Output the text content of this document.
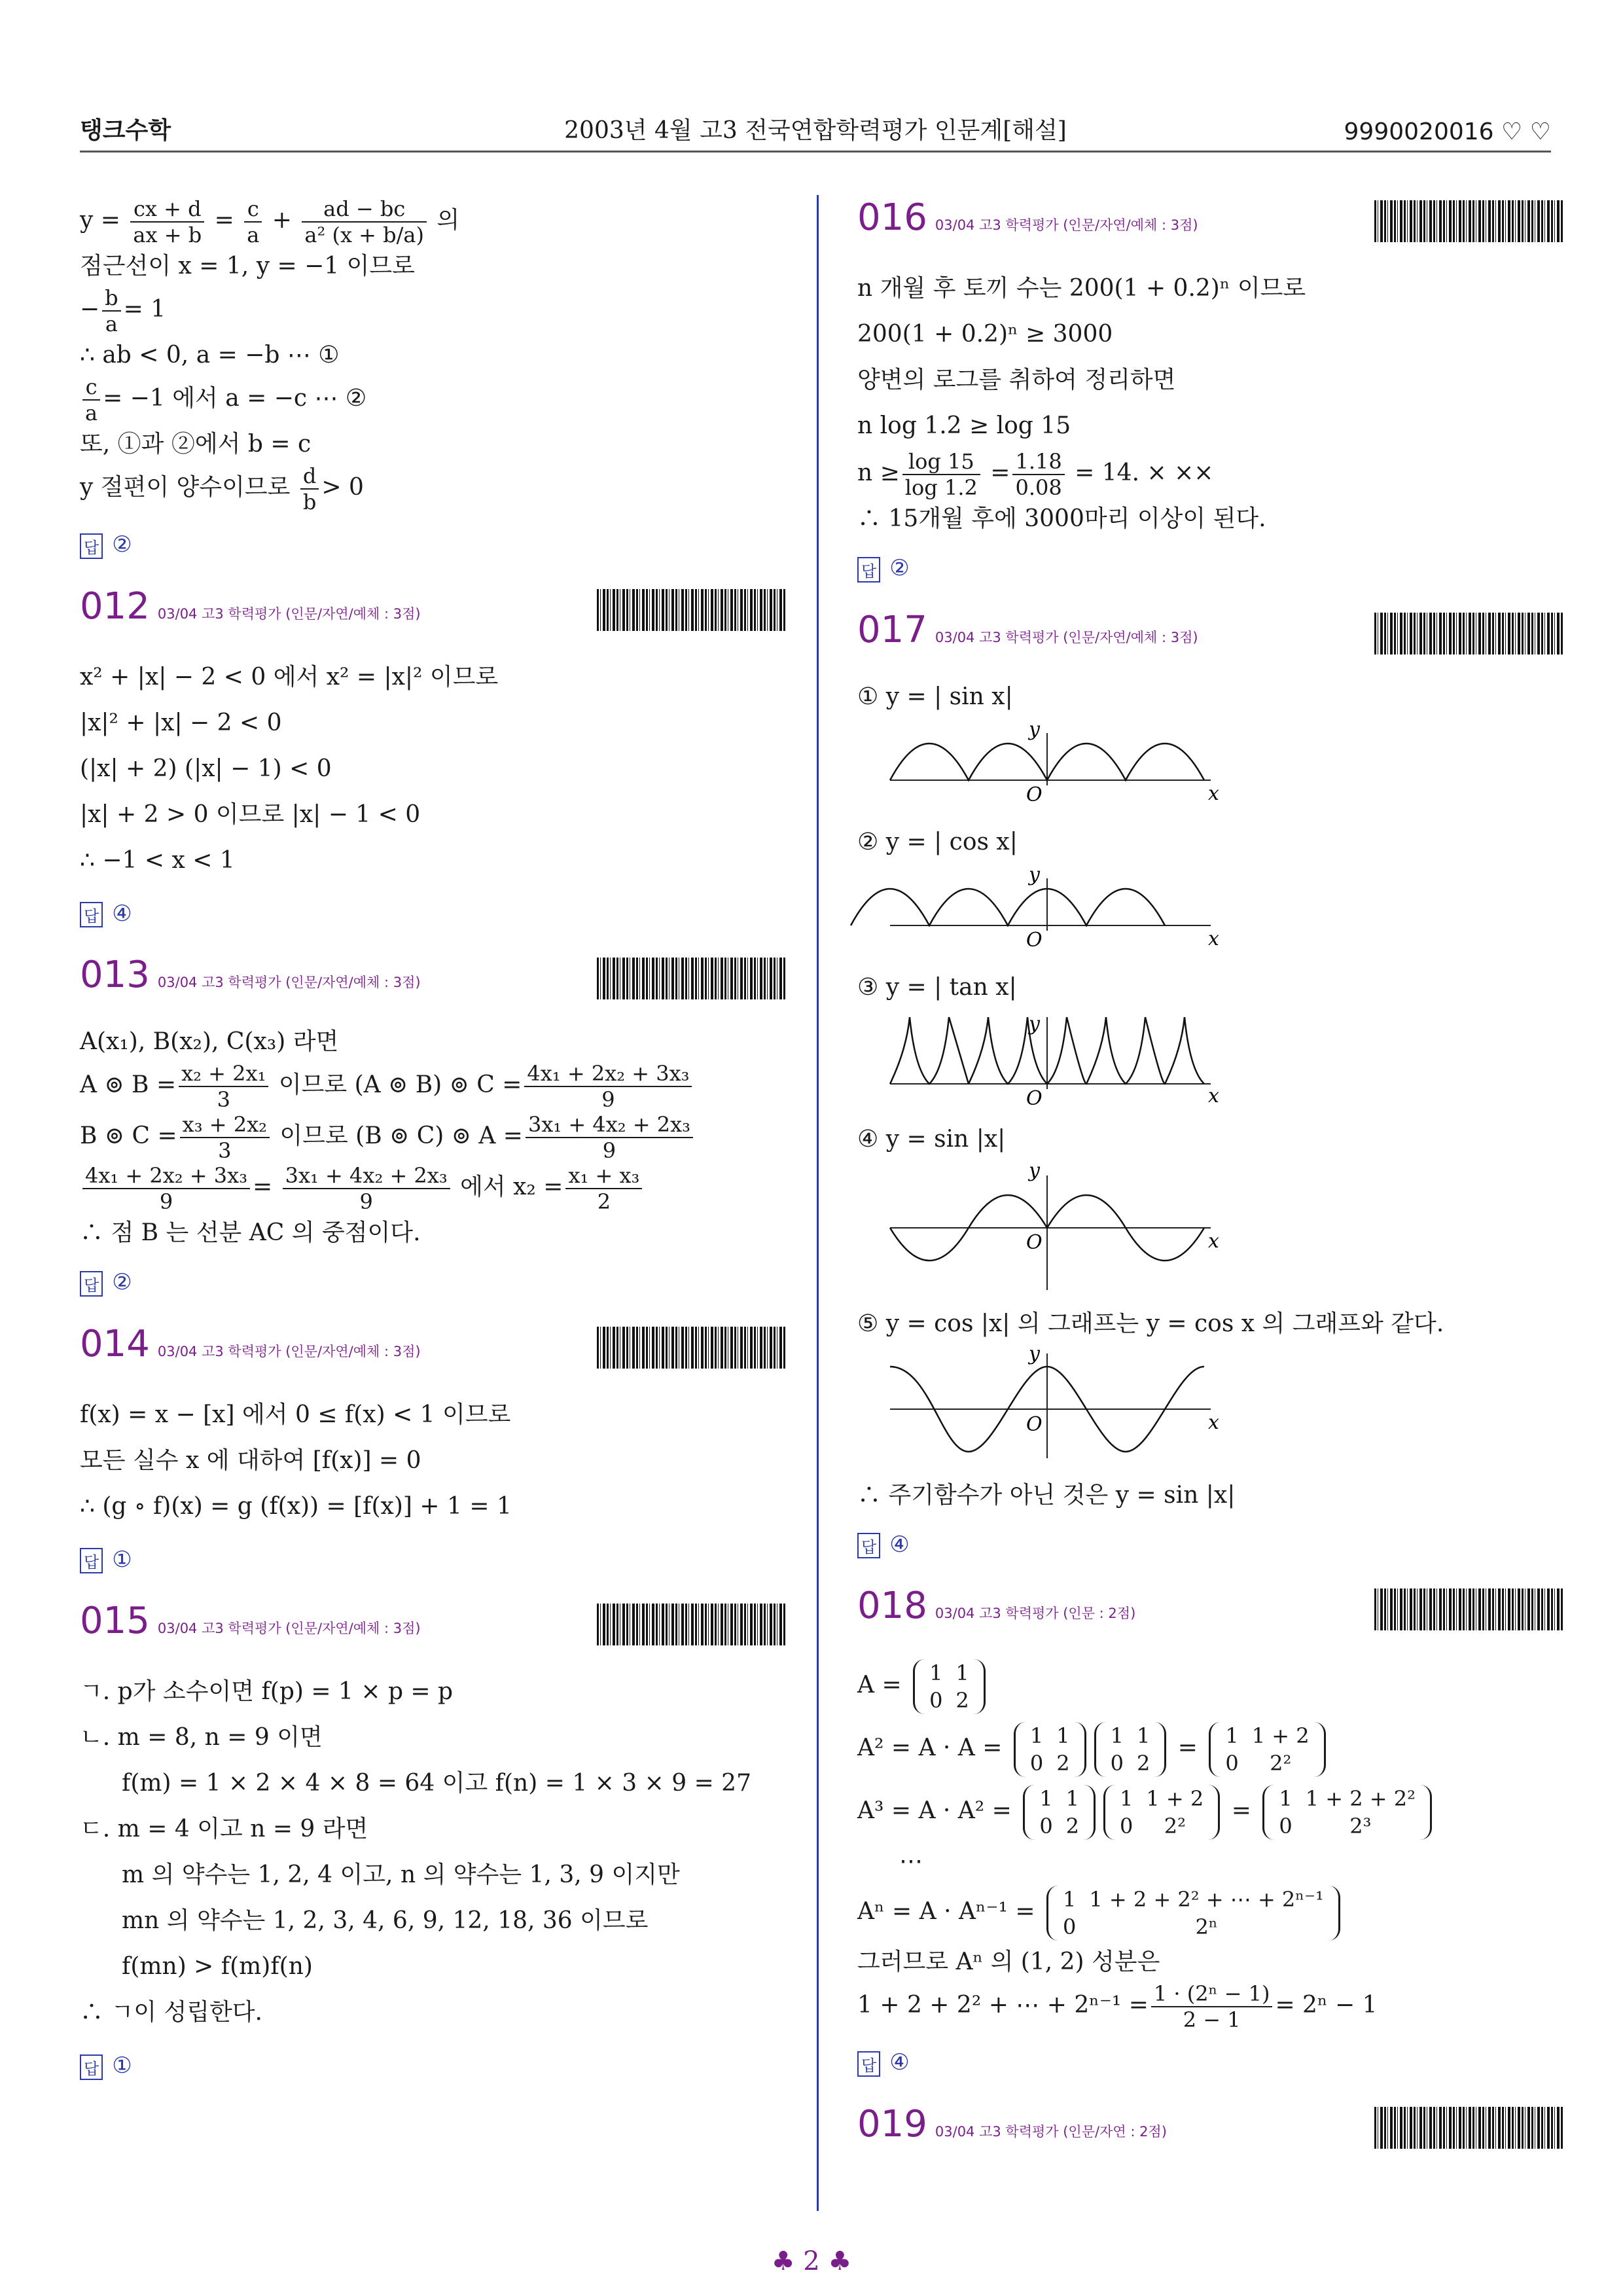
탱크수학	2003년 4월 고3 전국연합학력평가 인문계[해설]	9990020016 ♡ ♡
$y = \frac{cx + d}{ax + b} = \frac{c}{a} + \frac{ad - bc}{\text{a² (x + b/a)}}$ 의
점근선이 x = 1, y = −1 이므로
− $\frac{b}{a} = 1$
∴ ab < 0, a = −b ⋯ ①
$\frac{c}{a} = -1$ 에서 a = −c ⋯ ②
또, ①과 ②에서 b = c
y 절편이 양수이므로 $\frac{d}{b} > 0$
답 ②
012 03/04 고3 학력평가 (인문/자연/예체 : 3점)
x² + |x| − 2 < 0 에서 x² = |x|² 이므로
|x|² + |x| − 2 < 0
(|x| + 2) (|x| − 1) < 0
|x| + 2 > 0 이므로 |x| − 1 < 0
∴ −1 < x < 1
답 ④
013 03/04 고3 학력평가 (인문/자연/예체 : 3점)
A(x₁), B(x₂), C(x₃) 라면
A ⊚ $B = \frac{\text{x₂ + 2x₁}}{3}$ 이므로 (A ⊚ B) ⊚ $C = \frac{\text{4x₁ + 2x₂ + 3x₃}}{9}$
B ⊚ $C = \frac{\text{x₃ + 2x₂}}{3}$ 이므로 (B ⊚ C) ⊚ $A = \frac{\text{3x₁ + 4x₂ + 2x₃}}{9}$
$\frac{\text{4x₁ + 2x₂ + 3x₃}}{9} = \frac{\text{3x₁ + 4x₂ + 2x₃}}{9}$ 에서 $x_2 = \frac{\text{x₁ + x₃}}{2}$
∴ 점 B 는 선분 AC 의 중점이다.
답 ②
014 03/04 고3 학력평가 (인문/자연/예체 : 3점)
f(x) = x − [x] 에서 0 ≤ f(x) < 1 이므로
모든 실수 x 에 대하여 [f(x)] = 0
∴ (g ∘ f)(x) = g (f(x)) = [f(x)] + 1 = 1
답 ①
015 03/04 고3 학력평가 (인문/자연/예체 : 3점)
ㄱ. p가 소수이면 f(p) = 1 × p = p
ㄴ. m = 8, n = 9 이면
f(m) = 1 × 2 × 4 × 8 = 64 이고 f(n) = 1 × 3 × 9 = 27
ㄷ. m = 4 이고 n = 9 라면
m 의 약수는 1, 2, 4 이고, n 의 약수는 1, 3, 9 이지만
mn 의 약수는 1, 2, 3, 4, 6, 9, 12, 18, 36 이므로
f(mn) > f(m)f(n)
∴ ㄱ이 성립한다.
답 ①
016 03/04 고3 학력평가 (인문/자연/예체 : 3점)
n 개월 후 토끼 수는 200(1 + 0.2)ⁿ 이므로
200(1 + 0.2)ⁿ ≥ 3000
양변의 로그를 취하여 정리하면
n log 1.2 ≥ log 15
$n \ge \frac{\log 15}{\log 1.2} = \frac{1.18}{0.08} = 14$. × ××
∴ 15개월 후에 3000마리 이상이 된다.
답 ②
017 03/04 고3 학력평가 (인문/자연/예체 : 3점)
① y = | sin x|
y
x
O
② y = | cos x|
y
x
O
③ y = | tan x|
y
x
O
④ y = sin |x|
y
x
O
⑤ y = cos |x| 의 그래프는 y = cos x 의 그래프와 같다.
y
x
O
∴ 주기함수가 아닌 것은 y = sin |x|
답 ④
018 03/04 고3 학력평가 (인문 : 2점)
A = 1	1
0	2
A² = A · A = 1	1
0	2
1	1
0	2
= 1	1 + 2
0	2²
A³ = A · A² = 1	1
0	2
1	1 + 2
0	2²
= 1	1 + 2 + 2²
0	2³
⋯
Aⁿ = A · Aⁿ⁻¹ = 1	1 + 2 + 2² + ⋯ + 2ⁿ⁻¹
0	2ⁿ
그러므로 Aⁿ 의 (1, 2) 성분은
1 + 2 + 2² + ⋯ + $2^{n-1} = \frac{\text{1 · (2ⁿ − 1)}}{2 - 1} = 2^n - 1$
답 ④
019 03/04 고3 학력평가 (인문/자연 : 2점)
♣ 2 ♣
